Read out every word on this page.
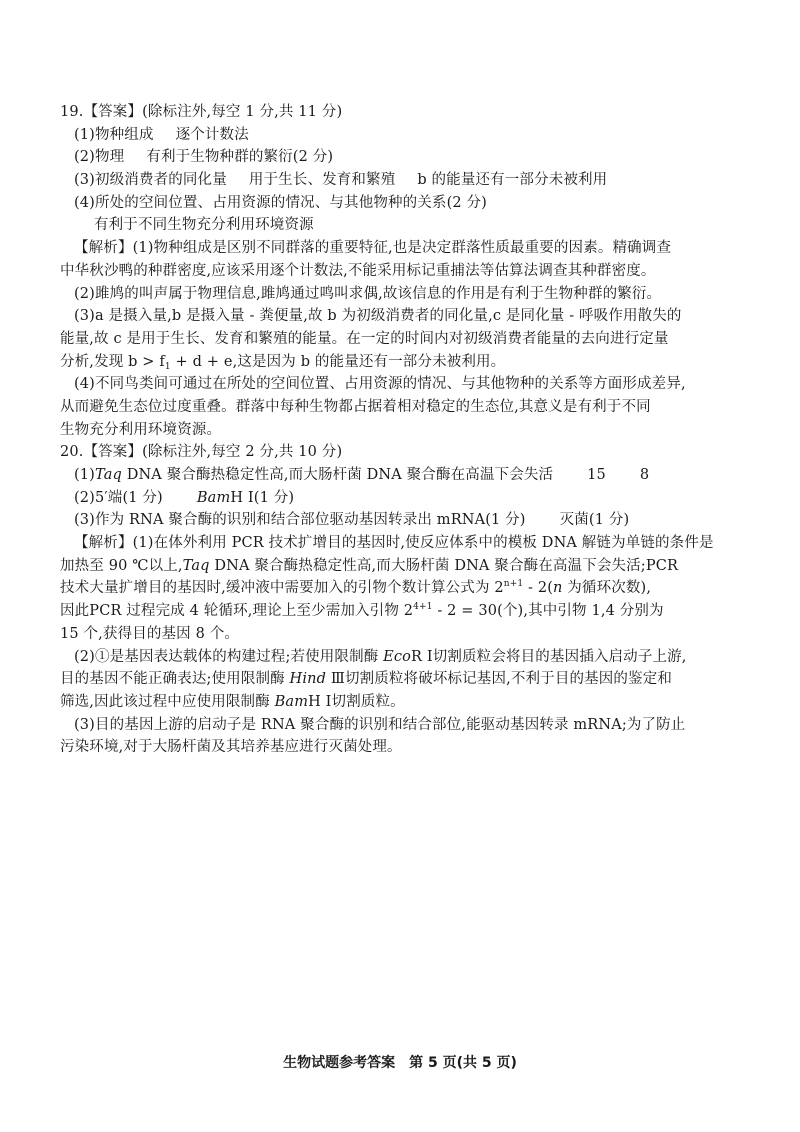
19.【答案】(除标注外,每空 1 分,共 11 分)
(1)物种组成 逐个计数法
(2)物理 有利于生物种群的繁衍(2 分)
(3)初级消费者的同化量 用于生长、发育和繁殖 b 的能量还有一部分未被利用
(4)所处的空间位置、占用资源的情况、与其他物种的关系(2 分)
有利于不同生物充分利用环境资源
【解析】(1)物种组成是区别不同群落的重要特征,也是决定群落性质最重要的因素。精确调查
中华秋沙鸭的种群密度,应该采用逐个计数法,不能采用标记重捕法等估算法调查其种群密度。
(2)雎鸠的叫声属于物理信息,雎鸠通过鸣叫求偶,故该信息的作用是有利于生物种群的繁衍。
(3)a 是摄入量,b 是摄入量 - 粪便量,故 b 为初级消费者的同化量,c 是同化量 - 呼吸作用散失的
能量,故 c 是用于生长、发育和繁殖的能量。在一定的时间内对初级消费者能量的去向进行定量
分析,发现 $b > f_1 + d + e$,这是因为 b 的能量还有一部分未被利用。
(4)不同鸟类间可通过在所处的空间位置、占用资源的情况、与其他物种的关系等方面形成差异,
从而避免生态位过度重叠。群落中每种生物都占据着相对稳定的生态位,其意义是有利于不同
生物充分利用环境资源。
20.【答案】(除标注外,每空 2 分,共 10 分)
(1)Taq DNA 聚合酶热稳定性高,而大肠杆菌 DNA 聚合酶在高温下会失活 15 8
(2)5′端(1 分) BamH Ⅰ(1 分)
(3)作为 RNA 聚合酶的识别和结合部位驱动基因转录出 mRNA(1 分) 灭菌(1 分)
【解析】(1)在体外利用 PCR 技术扩增目的基因时,使反应体系中的模板 DNA 解链为单链的条件是
加热至 90 ℃以上,Taq DNA 聚合酶热稳定性高,而大肠杆菌 DNA 聚合酶在高温下会失活;PCR
技术大量扩增目的基因时,缓冲液中需要加入的引物个数计算公式为 $2^{n+1} - 2(n$ 为循环次数),
因此PCR 过程完成 4 轮循环,理论上至少需加入引物 $2^{4+1} - 2 = 30$(个),其中引物 1,4 分别为
15 个,获得目的基因 8 个。
(2)①是基因表达载体的构建过程;若使用限制酶 EcoR Ⅰ切割质粒会将目的基因插入启动子上游,
目的基因不能正确表达;使用限制酶 Hind Ⅲ切割质粒将破坏标记基因,不利于目的基因的鉴定和
筛选,因此该过程中应使用限制酶 BamH Ⅰ切割质粒。
(3)目的基因上游的启动子是 RNA 聚合酶的识别和结合部位,能驱动基因转录 mRNA;为了防止
污染环境,对于大肠杆菌及其培养基应进行灭菌处理。
生物试题参考答案　第 5 页(共 5 页)
